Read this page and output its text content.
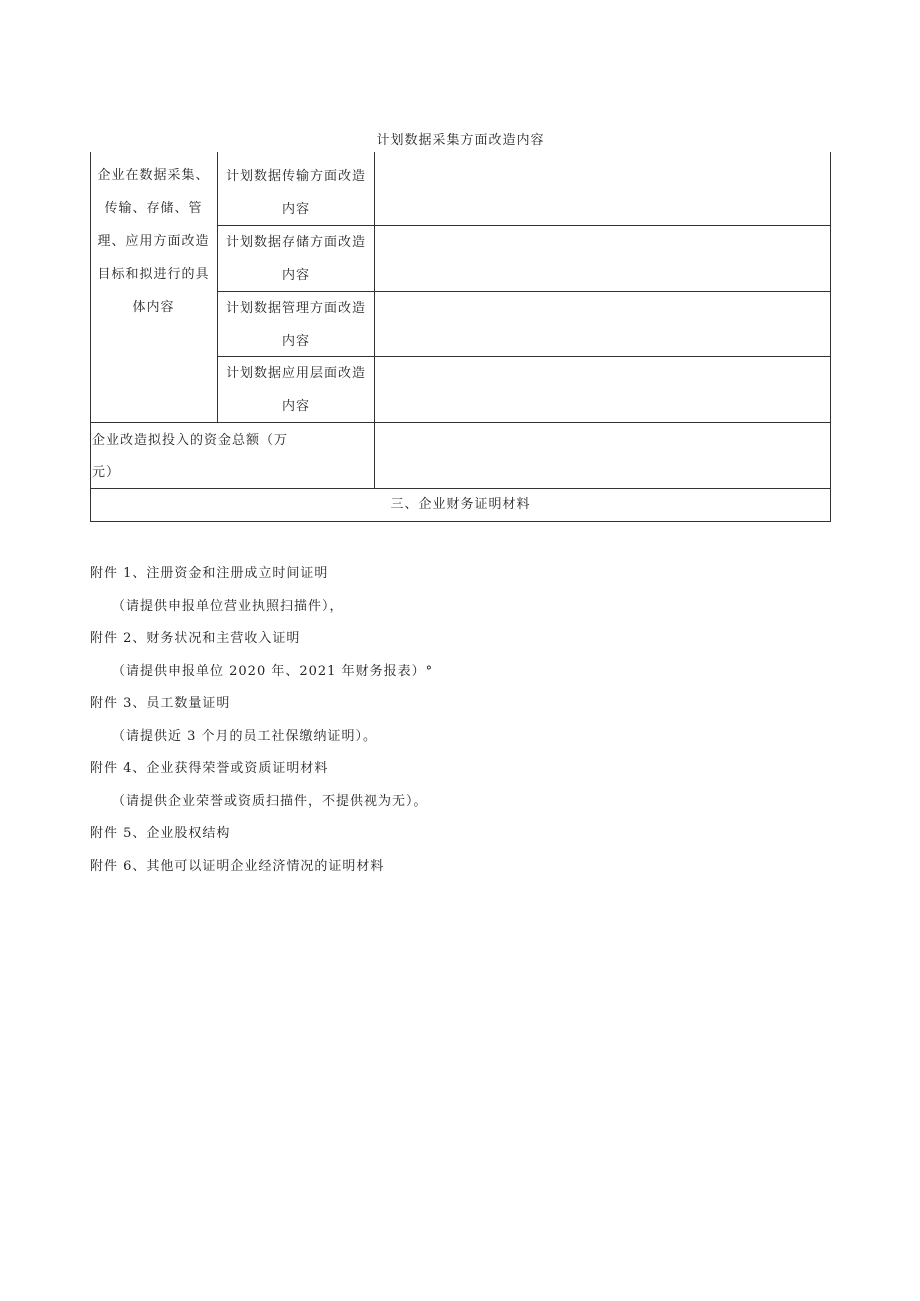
计划数据采集方面改造内容
企业在数据采集、
传输、存储、管
理、应用方面改造
目标和拟进行的具
体内容
计划数据传输方面改造
内容
计划数据存储方面改造
内容
计划数据管理方面改造
内容
计划数据应用层面改造
内容
企业改造拟投入的资金总额（万
元）
三、企业财务证明材料
附件 1、注册资金和注册成立时间证明
（请提供申报单位营业执照扫描件），
附件 2、财务状况和主营收入证明
（请提供申报单位 2020 年、2021 年财务报表）°
附件 3、员工数量证明
（请提供近 3 个月的员工社保缴纳证明）。
附件 4、企业获得荣誉或资质证明材料
（请提供企业荣誉或资质扫描件，不提供视为无）。
附件 5、企业股权结构
附件 6、其他可以证明企业经济情况的证明材料
